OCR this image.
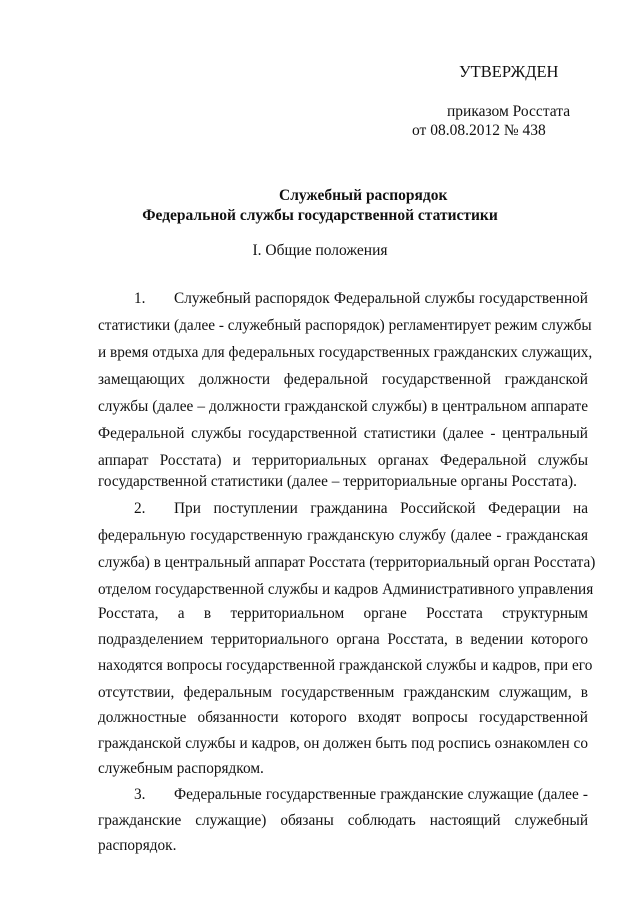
УТВЕРЖДЕН
приказом Росстата
от 08.08.2012 № 438
Служебный распорядок
Федеральной службы государственной статистики
I. Общие положения
1. Служебный распорядок Федеральной службы государственной
статистики (далее - служебный распорядок) регламентирует режим службы
и время отдыха для федеральных государственных гражданских служащих,
замещающих должности федеральной государственной гражданской
службы (далее – должности гражданской службы) в центральном аппарате
Федеральной службы государственной статистики (далее - центральный
аппарат Росстата) и территориальных органах Федеральной службы
государственной статистики (далее – территориальные органы Росстата).
2. При поступлении гражданина Российской Федерации на
федеральную государственную гражданскую службу (далее - гражданская
служба) в центральный аппарат Росстата (территориальный орган Росстата)
отделом государственной службы и кадров Административного управления
Росстата, а в территориальном органе Росстата структурным
подразделением территориального органа Росстата, в ведении которого
находятся вопросы государственной гражданской службы и кадров, при его
отсутствии, федеральным государственным гражданским служащим, в
должностные обязанности которого входят вопросы государственной
гражданской службы и кадров, он должен быть под роспись ознакомлен со
служебным распорядком.
3. Федеральные государственные гражданские служащие (далее -
гражданские служащие) обязаны соблюдать настоящий служебный
распорядок.
